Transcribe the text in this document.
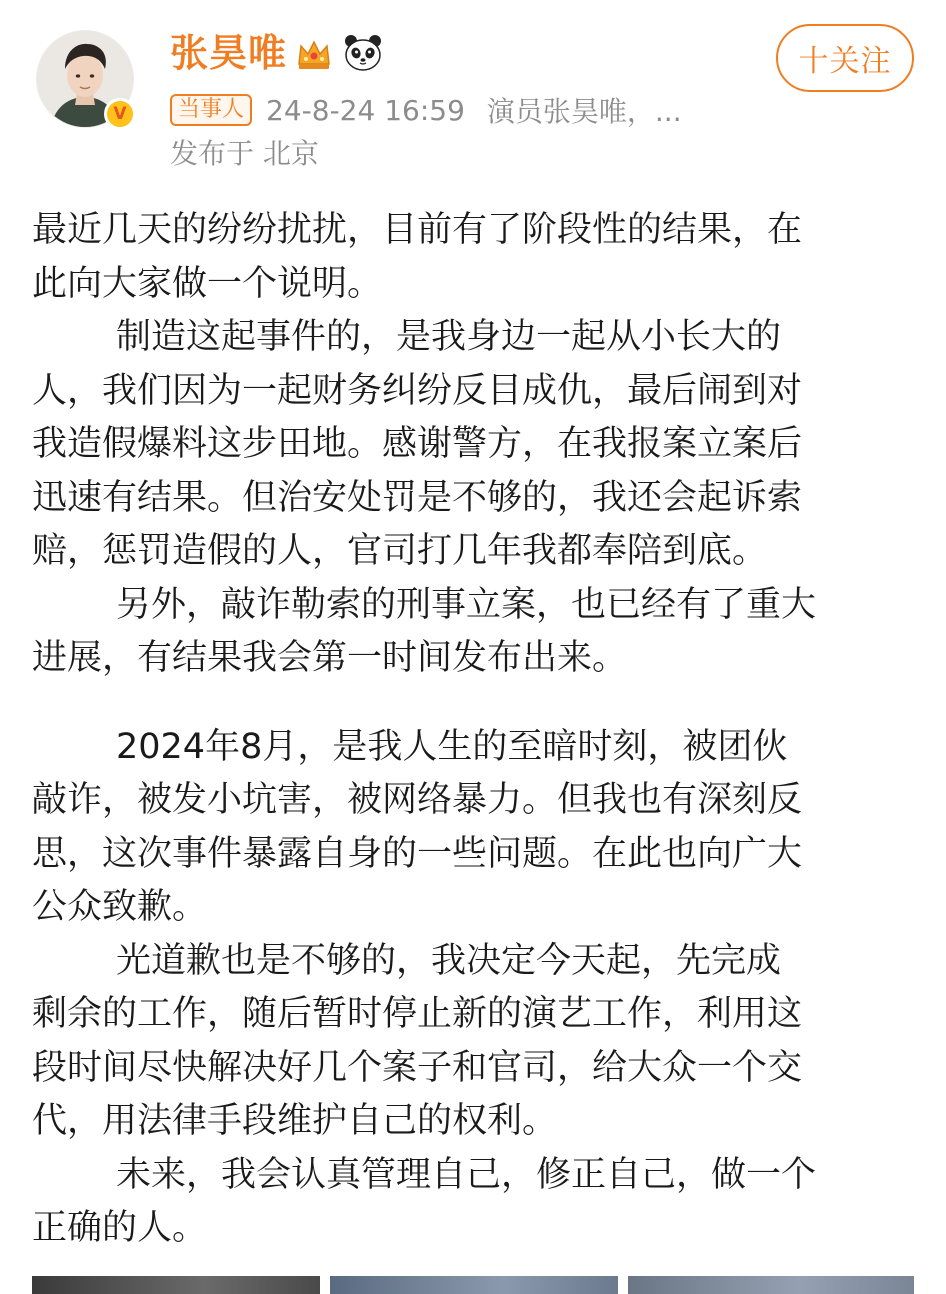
V
张昊唯	十关注
当事人 24-8-24 16:59 演员张昊唯，...
发布于 北京
最近几天的纷纷扰扰，目前有了阶段性的结果，在
此向大家做一个说明。
制造这起事件的，是我身边一起从小长大的
人，我们因为一起财务纠纷反目成仇，最后闹到对
我造假爆料这步田地。感谢警方，在我报案立案后
迅速有结果。但治安处罚是不够的，我还会起诉索
赔，惩罚造假的人，官司打几年我都奉陪到底。
另外，敲诈勒索的刑事立案，也已经有了重大
进展，有结果我会第一时间发布出来。
2024年8月，是我人生的至暗时刻，被团伙
敲诈，被发小坑害，被网络暴力。但我也有深刻反
思，这次事件暴露自身的一些问题。在此也向广大
公众致歉。
光道歉也是不够的，我决定今天起，先完成
剩余的工作，随后暂时停止新的演艺工作，利用这
段时间尽快解决好几个案子和官司，给大众一个交
代，用法律手段维护自己的权利。
未来，我会认真管理自己，修正自己，做一个
正确的人。
